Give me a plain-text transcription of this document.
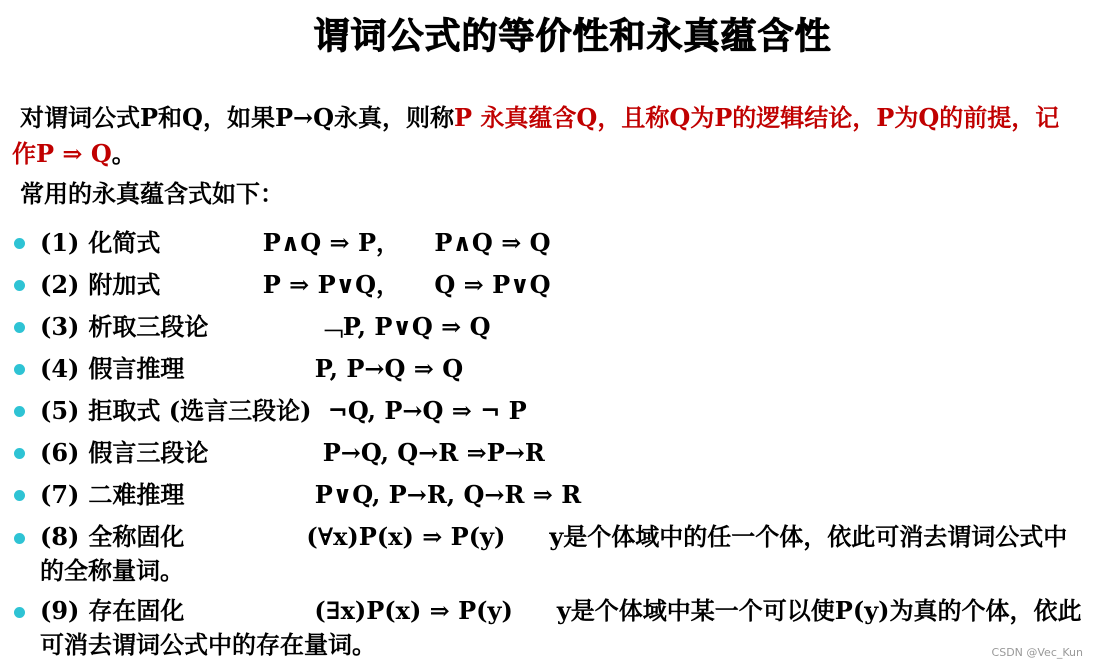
谓词公式的等价性和永真蕴含性
对谓词公式P和Q，如果P→Q永真，则称P 永真蕴含Q，且称Q为P的逻辑结论，P为Q的前提，记作P ⇒ Q。
常用的永真蕴含式如下：
(1) 化简式	P∧Q ⇒ P， P∧Q ⇒ Q
(2) 附加式	P ⇒ P∨Q， Q ⇒ P∨Q
(3) 析取三段论	﹁P, P∨Q ⇒ Q
(4) 假言推理	P, P→Q ⇒ Q
(5) 拒取式 (选言三段论) ¬Q, P→Q ⇒ ¬ P
(6) 假言三段论	P→Q, Q→R ⇒P→R
(7) 二难推理	P∨Q, P→R, Q→R ⇒ R
(8) 全称固化	(∀x)P(x) ⇒ P(y) y是个体域中的任一个体，依此可消去谓词公式中的全称量词。
(9) 存在固化	(∃x)P(x) ⇒ P(y) y是个体域中某一个可以使P(y)为真的个体，依此可消去谓词公式中的存在量词。	CSDN @Vec_Kun
